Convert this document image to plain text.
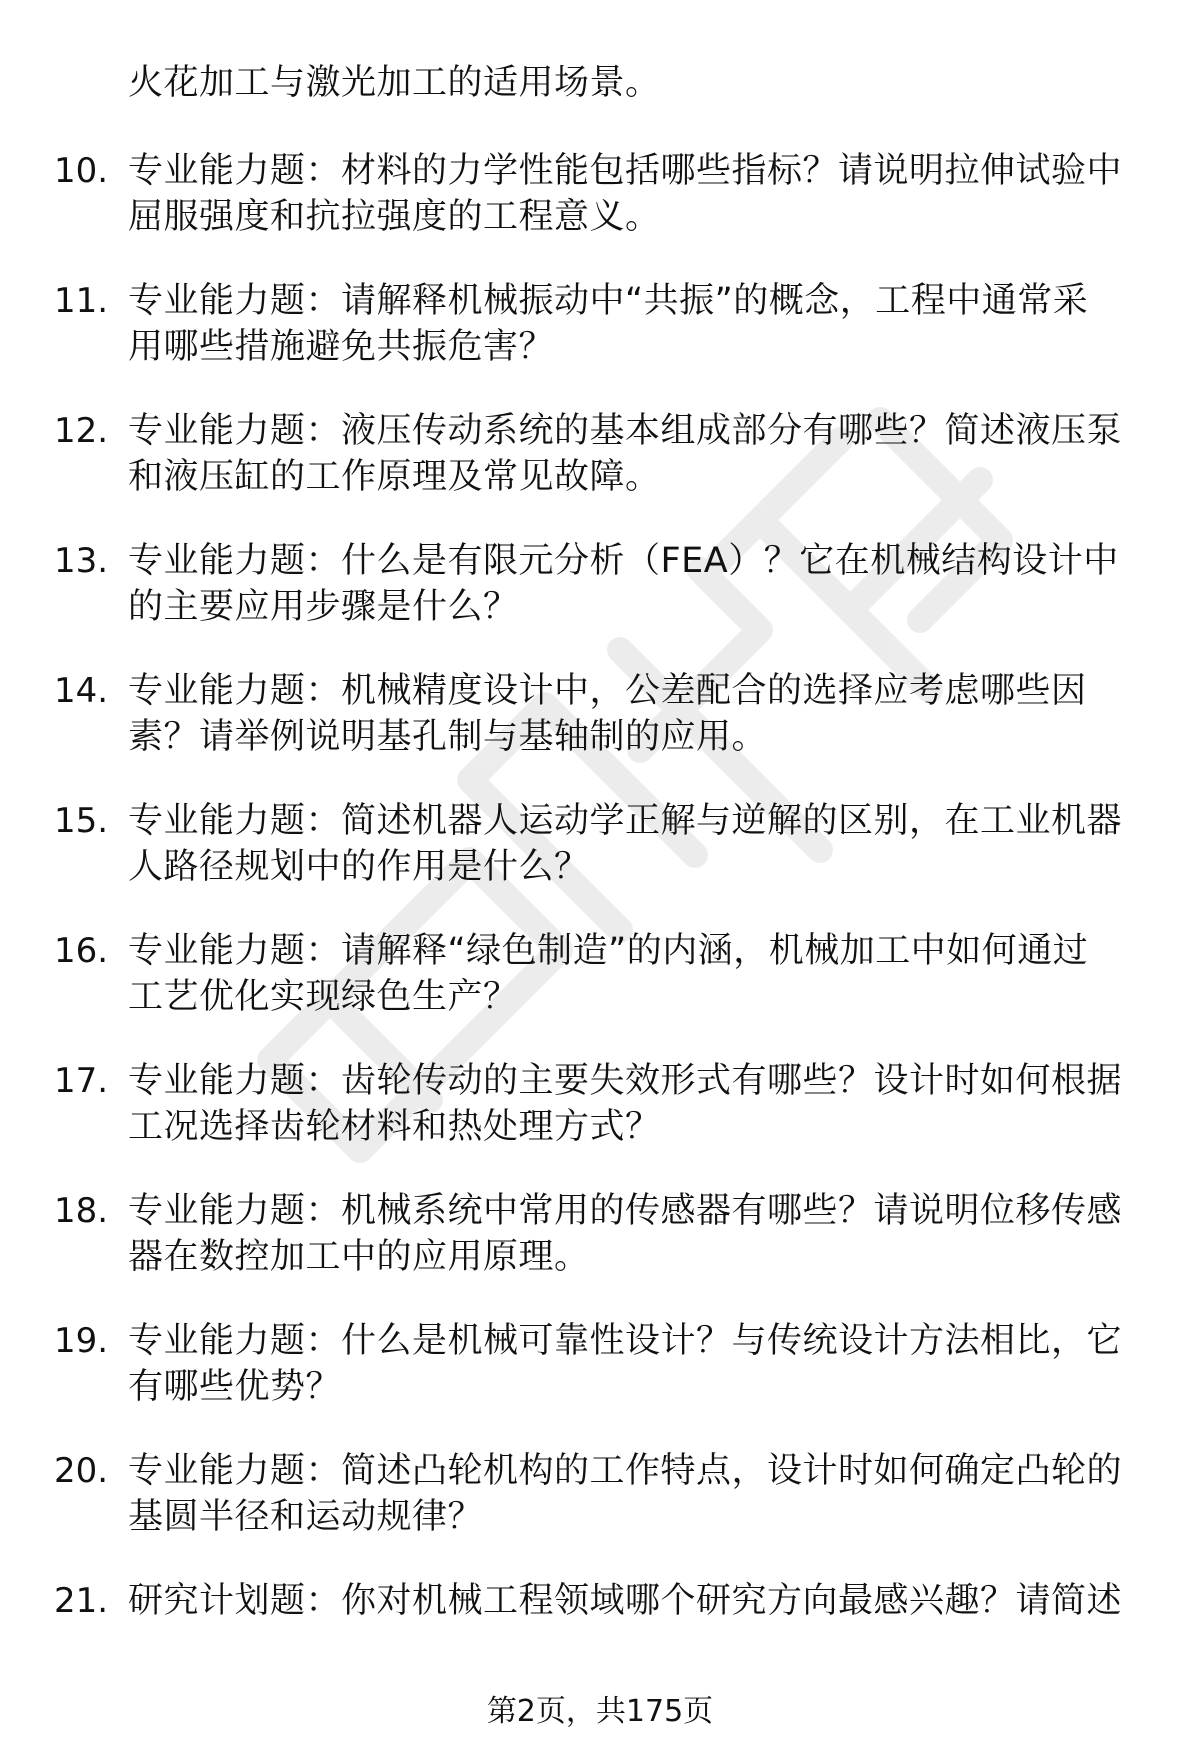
火花加工与激光加工的适用场景。
10. 专业能力题：材料的力学性能包括哪些指标？请说明拉伸试验中
屈服强度和抗拉强度的工程意义。
11. 专业能力题：请解释机械振动中“共振”的概念，工程中通常采
用哪些措施避免共振危害？
12. 专业能力题：液压传动系统的基本组成部分有哪些？简述液压泵
和液压缸的工作原理及常见故障。
13. 专业能力题：什么是有限元分析（FEA）？它在机械结构设计中
的主要应用步骤是什么？
14. 专业能力题：机械精度设计中，公差配合的选择应考虑哪些因
素？请举例说明基孔制与基轴制的应用。
15. 专业能力题：简述机器人运动学正解与逆解的区别，在工业机器
人路径规划中的作用是什么？
16. 专业能力题：请解释“绿色制造”的内涵，机械加工中如何通过
工艺优化实现绿色生产？
17. 专业能力题：齿轮传动的主要失效形式有哪些？设计时如何根据
工况选择齿轮材料和热处理方式？
18. 专业能力题：机械系统中常用的传感器有哪些？请说明位移传感
器在数控加工中的应用原理。
19. 专业能力题：什么是机械可靠性设计？与传统设计方法相比，它
有哪些优势？
20. 专业能力题：简述凸轮机构的工作特点，设计时如何确定凸轮的
基圆半径和运动规律？
21. 研究计划题：你对机械工程领域哪个研究方向最感兴趣？请简述
第2页，共175页
